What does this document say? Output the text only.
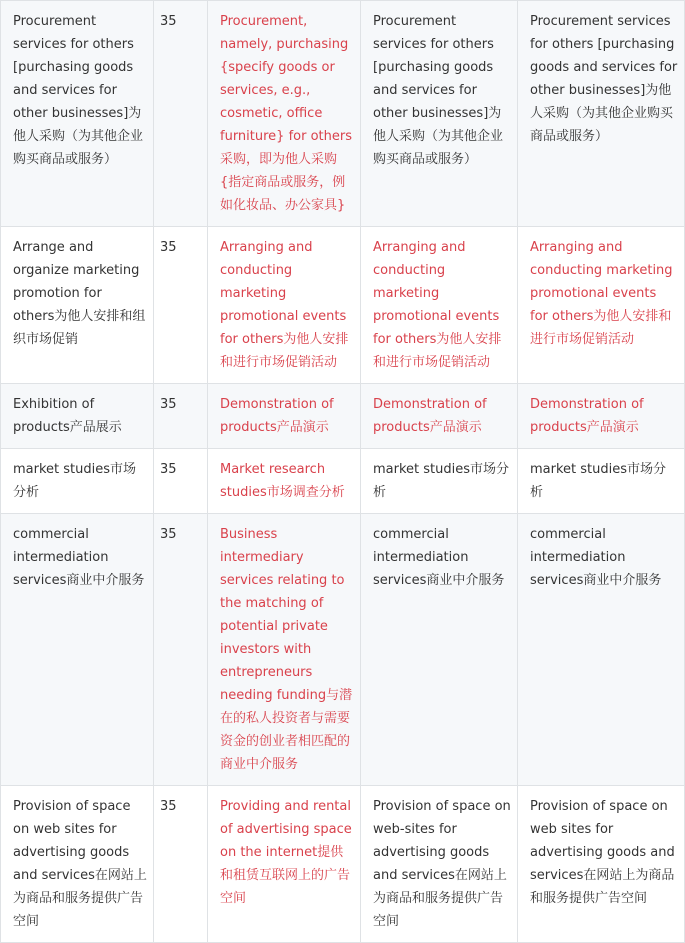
Procurement services for others [purchasing goods and services for other businesses]为他人采购（为其他企业购买商品或服务）	35	Procurement, namely, purchasing {specify goods or services, e.g., cosmetic, office furniture} for others采购，即为他人采购{指定商品或服务，例如化妆品、办公家具}	Procurement services for others [purchasing goods and services for other businesses]为他人采购（为其他企业购买商品或服务）	Procurement services for others [purchasing goods and services for other businesses]为他人采购（为其他企业购买商品或服务）
Arrange and organize marketing promotion for others为他人安排和组织市场促销	35	Arranging and conducting marketing promotional events for others为他人安排和进行市场促销活动	Arranging and conducting marketing promotional events for others为他人安排和进行市场促销活动	Arranging and conducting marketing promotional events for others为他人安排和进行市场促销活动
Exhibition of products产品展示	35	Demonstration of products产品演示	Demonstration of products产品演示	Demonstration of products产品演示
market studies市场分析	35	Market research studies市场调查分析	market studies市场分析	market studies市场分析
commercial intermediation services商业中介服务	35	Business intermediary services relating to the matching of potential private investors with entrepreneurs needing funding与潜在的私人投资者与需要资金的创业者相匹配的商业中介服务	commercial intermediation services商业中介服务	commercial intermediation services商业中介服务
Provision of space on web sites for advertising goods and services在网站上为商品和服务提供广告空间	35	Providing and rental of advertising space on the internet提供和租赁互联网上的广告空间	Provision of space on web-sites for advertising goods and services在网站上为商品和服务提供广告空间	Provision of space on web sites for advertising goods and services在网站上为商品和服务提供广告空间
